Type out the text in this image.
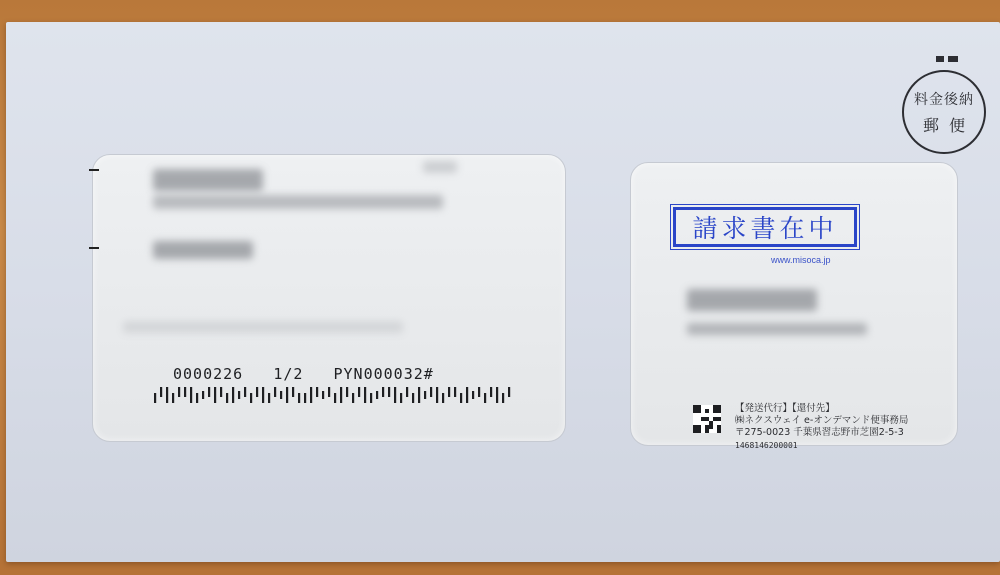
料金後納
郵便
0000226 1/2 PYN000032#
請求書在中
www.misoca.jp
【発送代行】【還付先】
㈱ネクスウェイ e-オンデマンド便事務局
〒275-0023 千葉県習志野市芝園2-5-3
1468146200001
